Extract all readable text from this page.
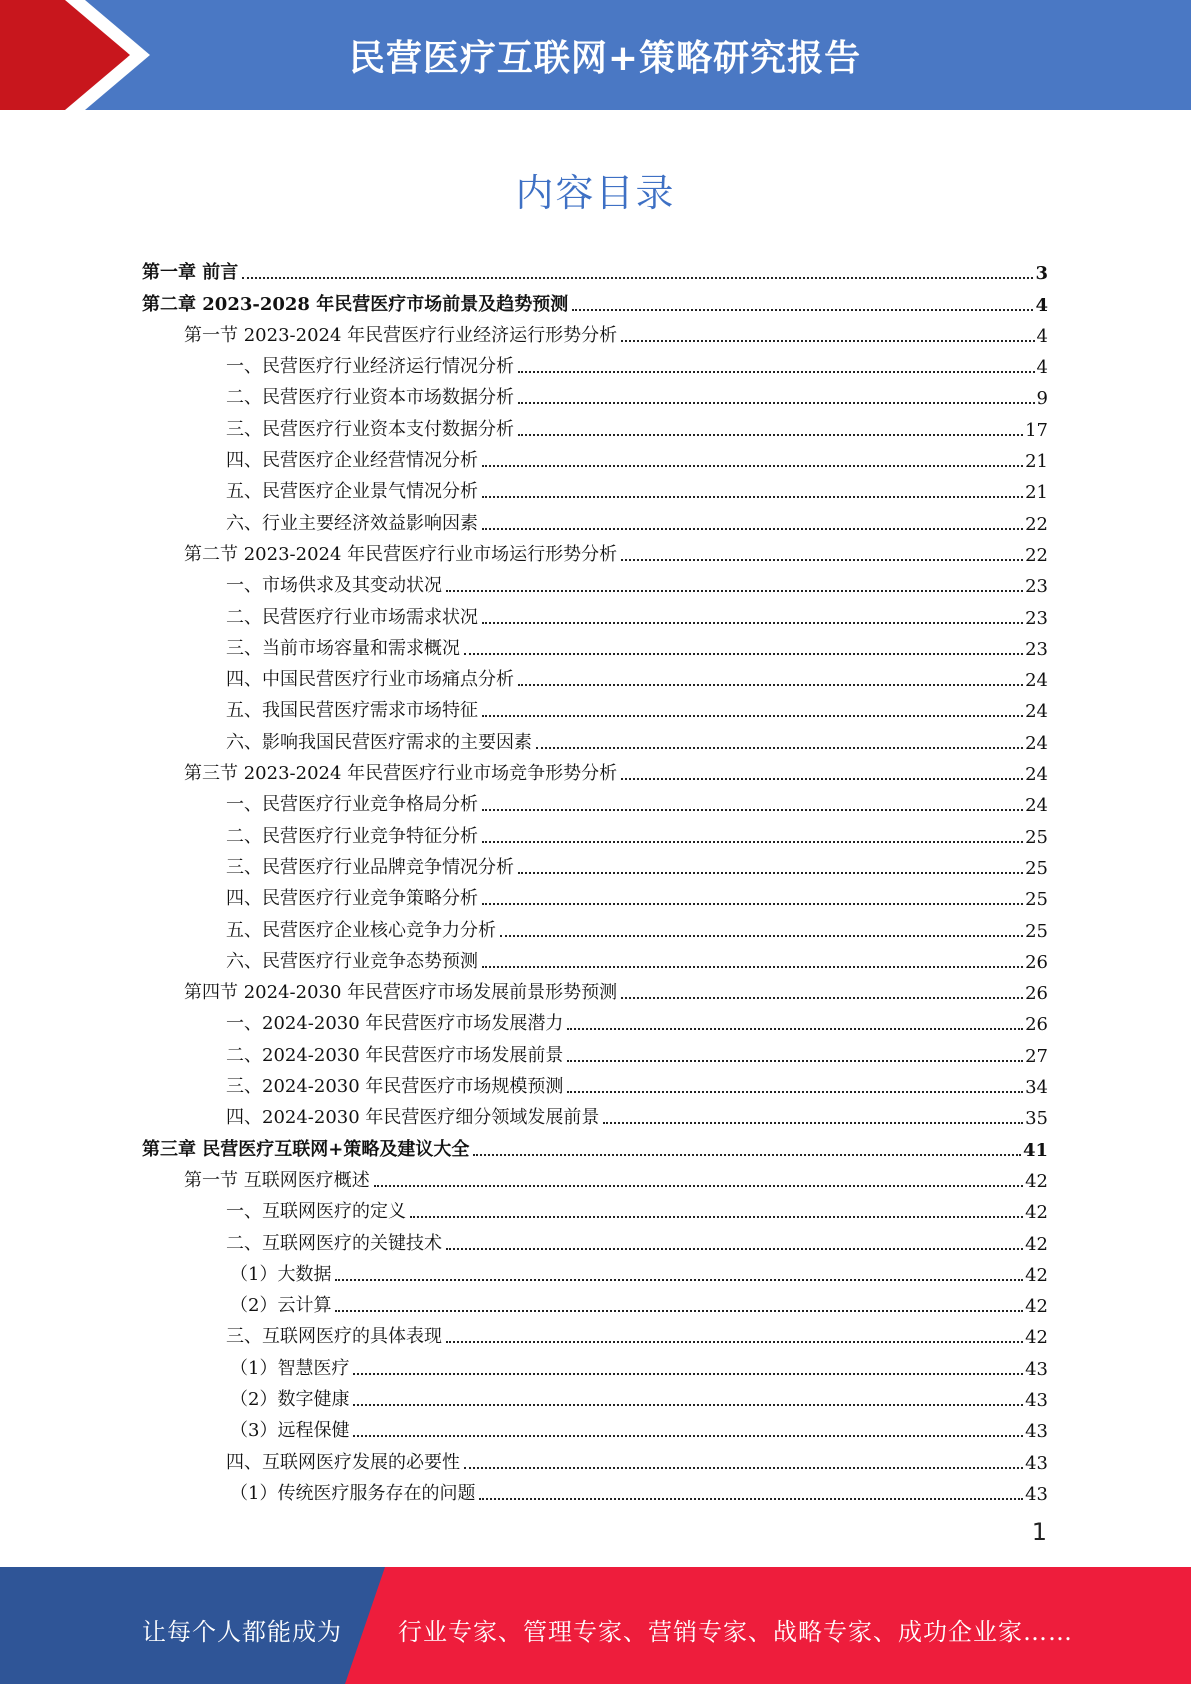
民营医疗互联网+策略研究报告
内容目录
第一章 前言	3
第二章 2023-2028 年民营医疗市场前景及趋势预测	4
第一节 2023-2024 年民营医疗行业经济运行形势分析	4
一、民营医疗行业经济运行情况分析	4
二、民营医疗行业资本市场数据分析	9
三、民营医疗行业资本支付数据分析	17
四、民营医疗企业经营情况分析	21
五、民营医疗企业景气情况分析	21
六、行业主要经济效益影响因素	22
第二节 2023-2024 年民营医疗行业市场运行形势分析	22
一、市场供求及其变动状况	23
二、民营医疗行业市场需求状况	23
三、当前市场容量和需求概况	23
四、中国民营医疗行业市场痛点分析	24
五、我国民营医疗需求市场特征	24
六、影响我国民营医疗需求的主要因素	24
第三节 2023-2024 年民营医疗行业市场竞争形势分析	24
一、民营医疗行业竞争格局分析	24
二、民营医疗行业竞争特征分析	25
三、民营医疗行业品牌竞争情况分析	25
四、民营医疗行业竞争策略分析	25
五、民营医疗企业核心竞争力分析	25
六、民营医疗行业竞争态势预测	26
第四节 2024-2030 年民营医疗市场发展前景形势预测	26
一、2024-2030 年民营医疗市场发展潜力	26
二、2024-2030 年民营医疗市场发展前景	27
三、2024-2030 年民营医疗市场规模预测	34
四、2024-2030 年民营医疗细分领域发展前景	35
第三章 民营医疗互联网+策略及建议大全	41
第一节 互联网医疗概述	42
一、互联网医疗的定义	42
二、互联网医疗的关键技术	42
（1）大数据	42
（2）云计算	42
三、互联网医疗的具体表现	42
（1）智慧医疗	43
（2）数字健康	43
（3）远程保健	43
四、互联网医疗发展的必要性	43
（1）传统医疗服务存在的问题	43
1
让每个人都能成为 行业专家、管理专家、营销专家、战略专家、成功企业家……
